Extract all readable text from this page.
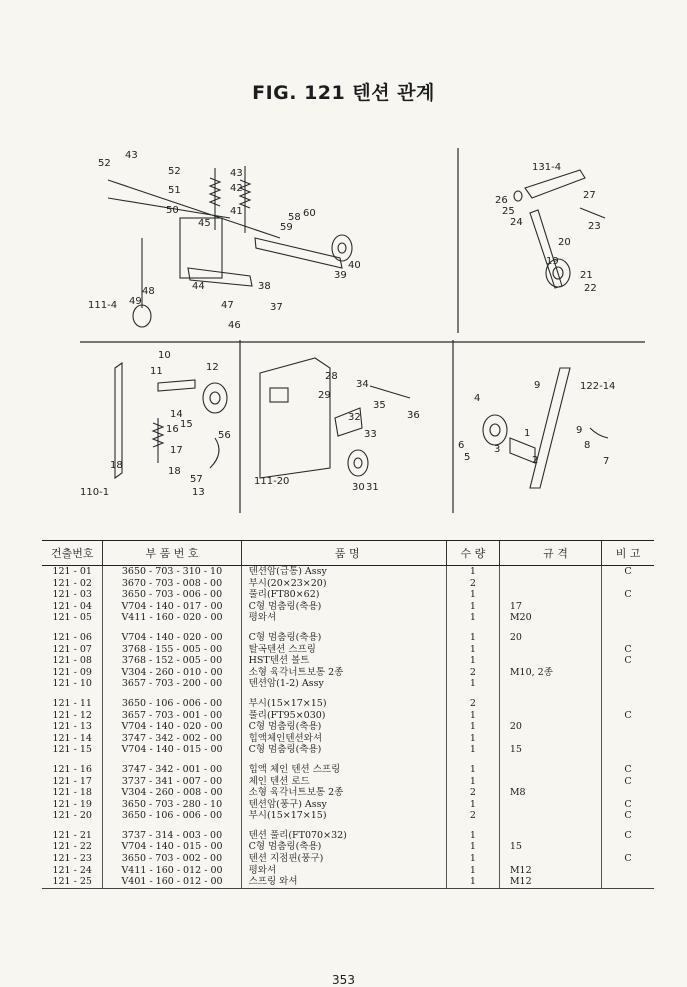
FIG. 121 텐션 관계
52
43
52	43
51	42
50	41
45
58 60
59
40
39
38
37
44
47
46
48
49
111-4
131-4
26	27
25
24	23
20
19
21
22
10
11	12
14
15
16
17
18
18
56
57
13
110-1
28
29
34
35
36
32
33
30 31
111-20
9	122-14
4
1	9
8
6	3
5	2	7
건출번호	부 품 번 호	품 명	수 량	규 격	비 고
121 - 01	3650 - 703 - 310 - 10	텐션암(급통) Assy	1		C
121 - 02	3670 - 703 - 008 - 00	부시(20×23×20)	2		
121 - 03	3650 - 703 - 006 - 00	풀리(FT80×62)	1		C
121 - 04	V704 - 140 - 017 - 00	C형 멈춤링(축용)	1	17	
121 - 05	V411 - 160 - 020 - 00	평와셔	1	M20	

121 - 06	V704 - 140 - 020 - 00	C형 멈춤링(축용)	1	20	
121 - 07	3768 - 155 - 005 - 00	탈곡텐션 스프링	1		C
121 - 08	3768 - 152 - 005 - 00	HST텐션 볼트	1		C
121 - 09	V304 - 260 - 010 - 00	소형 육각너트보통 2종	2	M10, 2종	
121 - 10	3657 - 703 - 200 - 00	텐션암(1-2) Assy	1		

121 - 11	3650 - 106 - 006 - 00	부시(15×17×15)	2		
121 - 12	3657 - 703 - 001 - 00	풀리(FT95×030)	1		C
121 - 13	V704 - 140 - 020 - 00	C형 멈춤링(축용)	1	20	
121 - 14	3747 - 342 - 002 - 00	힙액체인텐션와셔	1		
121 - 15	V704 - 140 - 015 - 00	C형 멈춤링(축용)	1	15	

121 - 16	3747 - 342 - 001 - 00	힙액 체인 텐션 스프링	1		C
121 - 17	3737 - 341 - 007 - 00	체인 텐션 로드	1		C
121 - 18	V304 - 260 - 008 - 00	소형 육각너트보통 2종	2	M8	
121 - 19	3650 - 703 - 280 - 10	텐션암(풍구) Assy	1		C
121 - 20	3650 - 106 - 006 - 00	부시(15×17×15)	2		C

121 - 21	3737 - 314 - 003 - 00	텐션 풀리(FT070×32)	1		C
121 - 22	V704 - 140 - 015 - 00	C형 멈춤링(축용)	1	15	
121 - 23	3650 - 703 - 002 - 00	텐션 지점핀(풍구)	1		C
121 - 24	V411 - 160 - 012 - 00	평와셔	1	M12	
121 - 25	V401 - 160 - 012 - 00	스프링 와셔	1	M12	
353
